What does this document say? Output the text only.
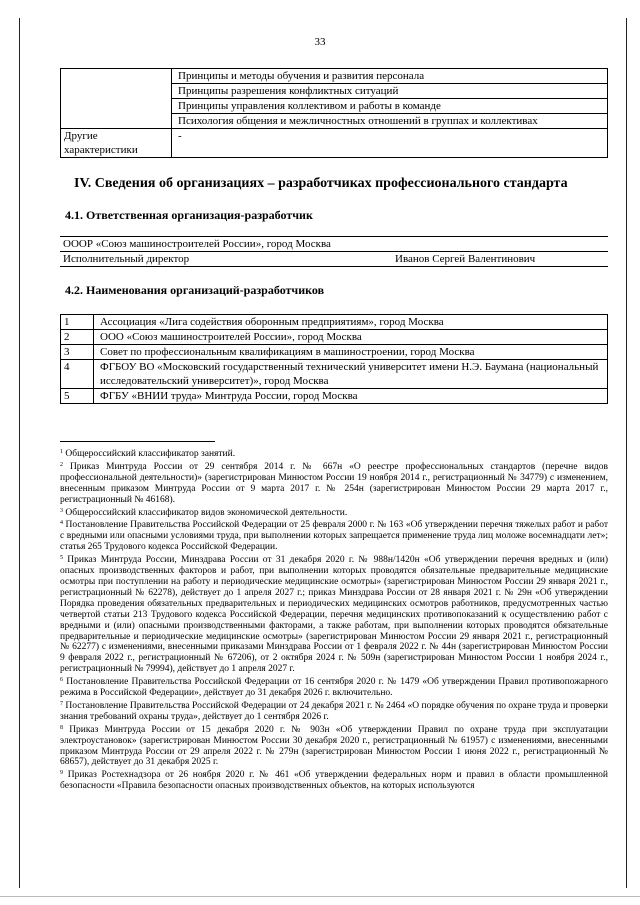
33
	Принципы и методы обучения и развития персонала
	Принципы разрешения конфликтных ситуаций
	Принципы управления коллективом и работы в команде
	Психология общения и межличностных отношений в группах и коллективах
Другие характеристики	-
IV. Сведения об организациях – разработчиках профессионального стандарта
4.1. Ответственная организация-разработчик
ОООР «Союз машиностроителей России», город Москва
Исполнительный директор	Иванов Сергей Валентинович
4.2. Наименования организаций-разработчиков
1	Ассоциация «Лига содействия оборонным предприятиям», город Москва
2	ООО «Союз машиностроителей России», город Москва
3	Совет по профессиональным квалификациям в машиностроении, город Москва
4	ФГБОУ ВО «Московский государственный технический университет имени Н.Э. Баумана (национальный исследовательский университет)», город Москва
5	ФГБУ «ВНИИ труда» Минтруда России, город Москва

$^1$ Общероссийский классификатор занятий.

$^2$ Приказ Минтруда России от 29 сентября 2014 г. № 667н «О реестре профессиональных стандартов (перечне видов профессиональной деятельности)» (зарегистрирован Минюстом России 19 ноября 2014 г., регистрационный № 34779) с изменением, внесенным приказом Минтруда России от 9 марта 2017 г. № 254н (зарегистрирован Минюстом России 29 марта 2017 г., регистрационный № 46168).

$^3$ Общероссийский классификатор видов экономической деятельности.

$^4$ Постановление Правительства Российской Федерации от 25 февраля 2000 г. № 163 «Об утверждении перечня тяжелых работ и работ с вредными или опасными условиями труда, при выполнении которых запрещается применение труда лиц моложе восемнадцати лет»; статья 265 Трудового кодекса Российской Федерации.

$^5$ Приказ Минтруда России, Минздрава России от 31 декабря 2020 г. № 988н/1420н «Об утверждении перечня вредных и (или) опасных производственных факторов и работ, при выполнении которых проводятся обязательные предварительные медицинские осмотры при поступлении на работу и периодические медицинские осмотры» (зарегистрирован Минюстом России 29 января 2021 г., регистрационный № 62278), действует до 1 апреля 2027 г.; приказ Минздрава России от 28 января 2021 г. № 29н «Об утверждении Порядка проведения обязательных предварительных и периодических медицинских осмотров работников, предусмотренных частью четвертой статьи 213 Трудового кодекса Российской Федерации, перечня медицинских противопоказаний к осуществлению работ с вредными и (или) опасными производственными факторами, а также работам, при выполнении которых проводятся обязательные предварительные и периодические медицинские осмотры» (зарегистрирован Минюстом России 29 января 2021 г., регистрационный № 62277) с изменениями, внесенными приказами Минздрава России от 1 февраля 2022 г. № 44н (зарегистрирован Минюстом России 9 февраля 2022 г., регистрационный № 67206), от 2 октября 2024 г. № 509н (зарегистрирован Минюстом России 1 ноября 2024 г., регистрационный № 79994), действует до 1 апреля 2027 г.

$^6$ Постановление Правительства Российской Федерации от 16 сентября 2020 г. № 1479 «Об утверждении Правил противопожарного режима в Российской Федерации», действует до 31 декабря 2026 г. включительно.

$^7$ Постановление Правительства Российской Федерации от 24 декабря 2021 г. № 2464 «О порядке обучения по охране труда и проверки знания требований охраны труда», действует до 1 сентября 2026 г.

$^8$ Приказ Минтруда России от 15 декабря 2020 г. № 903н «Об утверждении Правил по охране труда при эксплуатации электроустановок» (зарегистрирован Минюстом России 30 декабря 2020 г., регистрационный № 61957) с изменениями, внесенными приказом Минтруда России от 29 апреля 2022 г. № 279н (зарегистрирован Минюстом России 1 июня 2022 г., регистрационный № 68657), действует до 31 декабря 2025 г.

$^9$ Приказ Ростехнадзора от 26 ноября 2020 г. № 461 «Об утверждении федеральных норм и правил в области промышленной безопасности «Правила безопасности опасных производственных объектов, на которых используются
